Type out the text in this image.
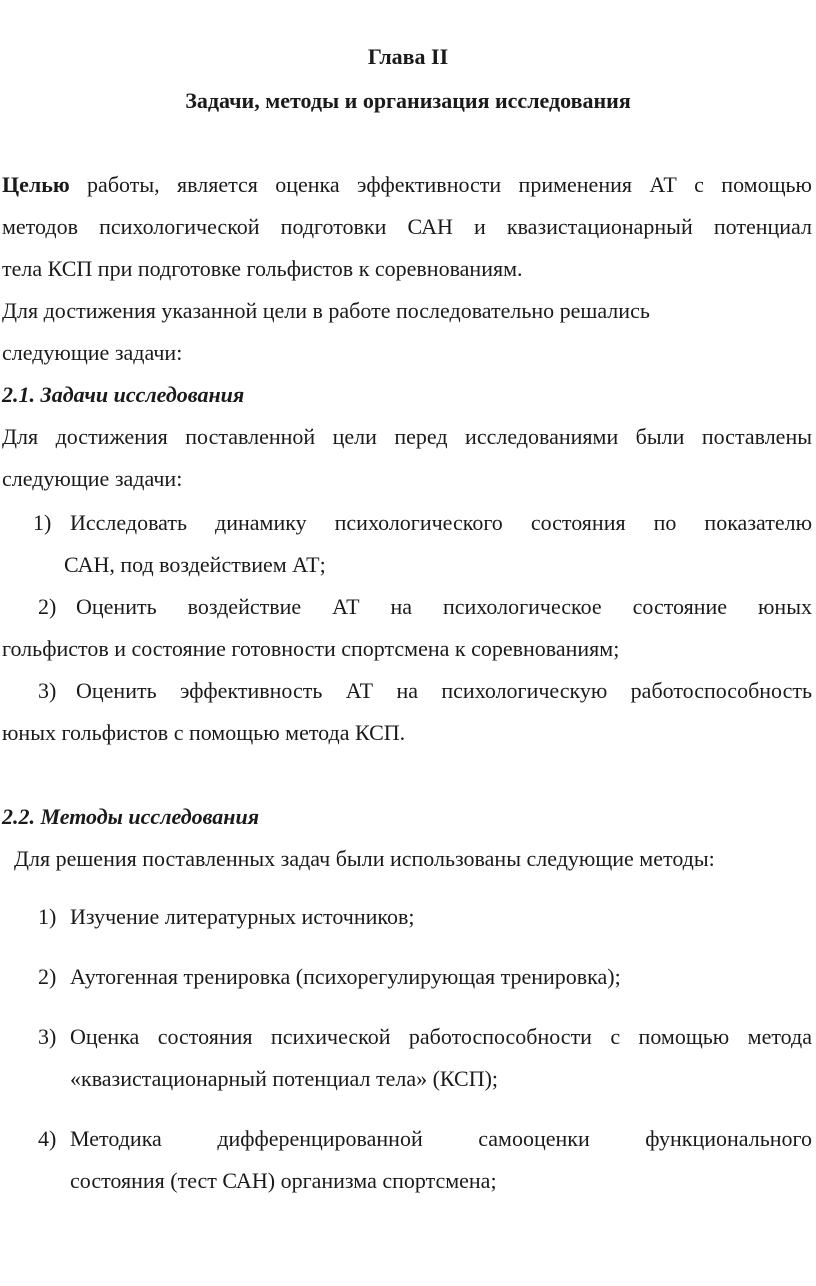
Глава II
Задачи, методы и организация исследования
Целью работы, является оценка эффективности применения АТ с помощью
методов психологической подготовки САН и квазистационарный потенциал
тела КСП при подготовке гольфистов к соревнованиям.
Для достижения указанной цели в работе последовательно решались
следующие задачи:
2.1. Задачи исследования
Для достижения поставленной цели перед исследованиями были поставлены
следующие задачи:
1) Исследовать динамику психологического состояния по показателю
САН, под воздействием АТ;
2) Оценить воздействие АТ на психологическое состояние юных
гольфистов и состояние готовности спортсмена к соревнованиям;
3) Оценить эффективность АТ на психологическую работоспособность
юных гольфистов с помощью метода КСП.
2.2. Методы исследования
Для решения поставленных задач были использованы следующие методы:
1) Изучение литературных источников;
2) Аутогенная тренировка (психорегулирующая тренировка);
3) Оценка состояния психической работоспособности с помощью метода
«квазистационарный потенциал тела» (КСП);
4) Методика дифференцированной самооценки функционального
состояния (тест САН) организма спортсмена;
